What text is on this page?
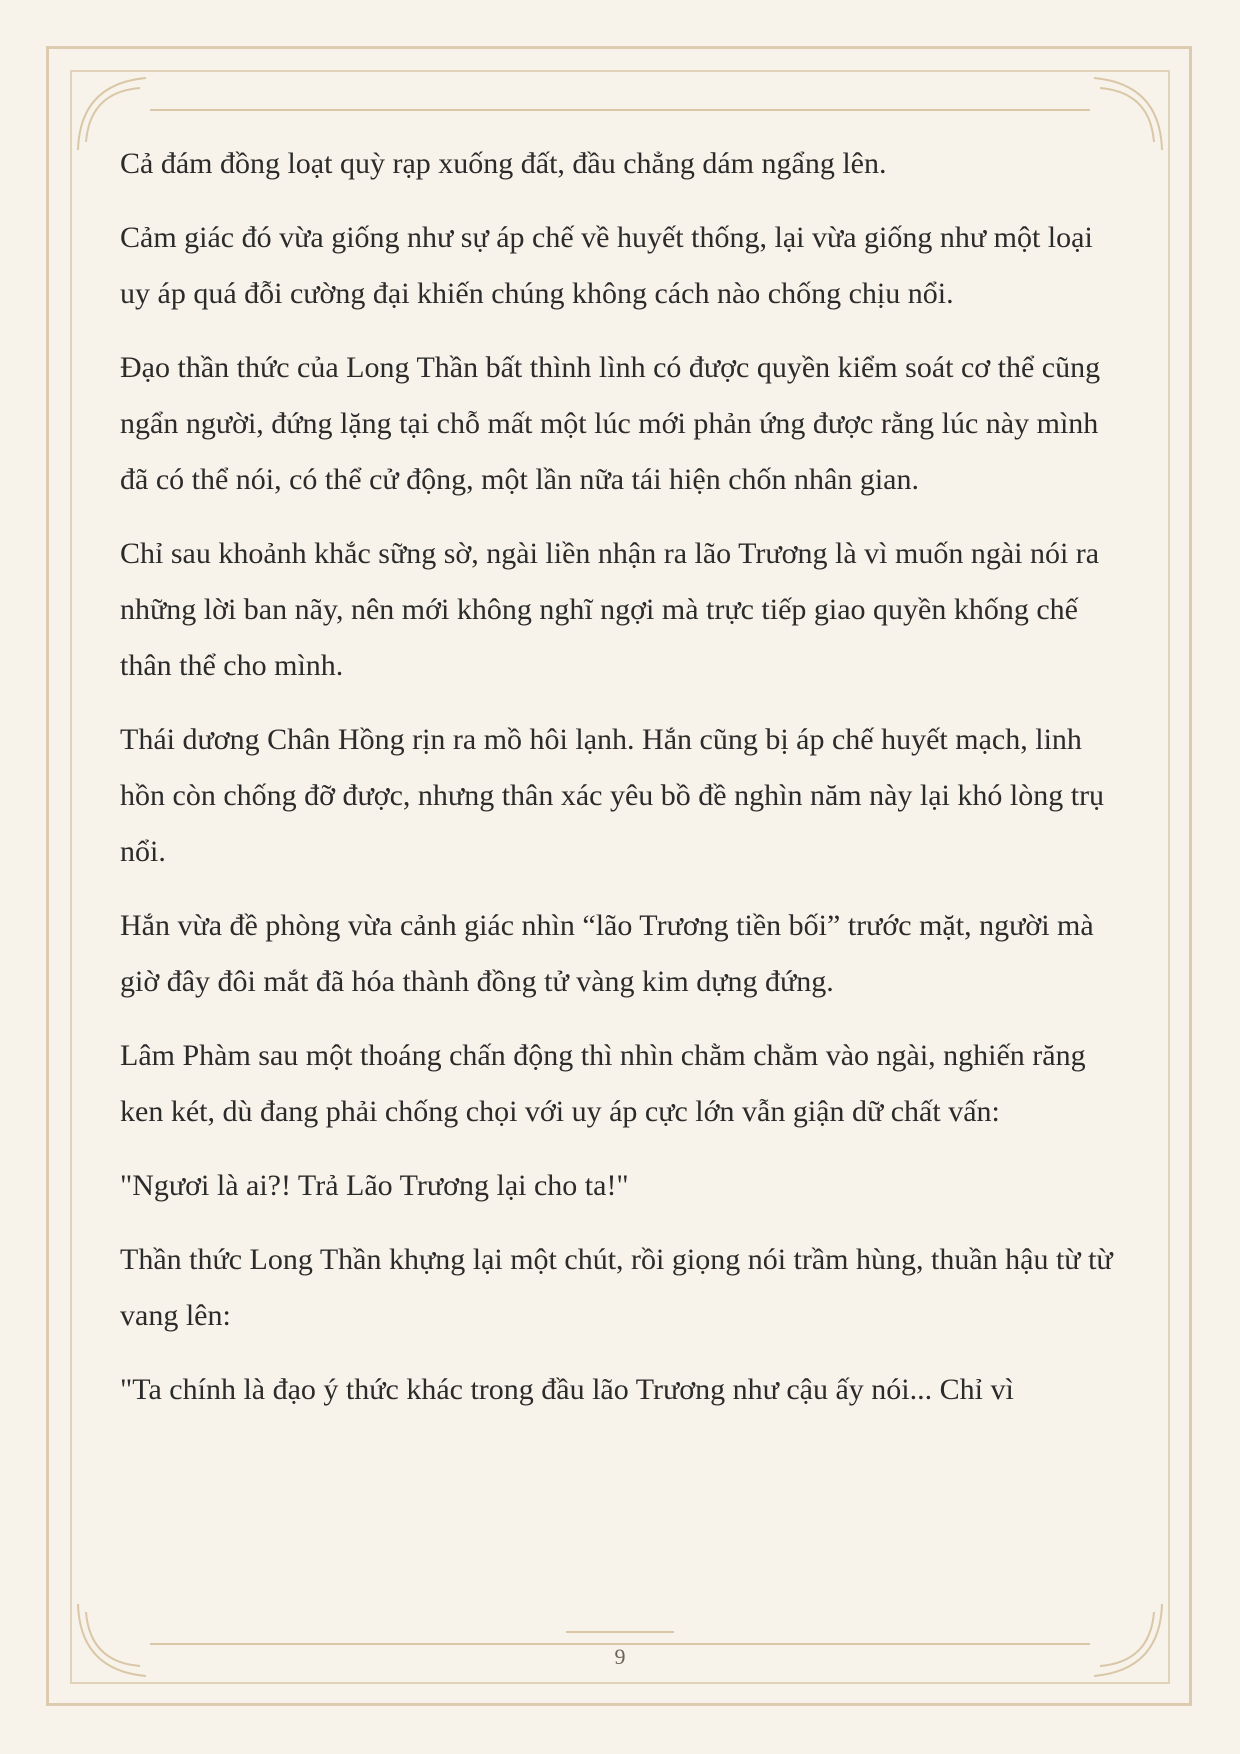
Cả đám đồng loạt quỳ rạp xuống đất, đầu chẳng dám ngẩng lên.

Cảm giác đó vừa giống như sự áp chế về huyết thống, lại vừa giống như một loại uy áp quá đỗi cường đại khiến chúng không cách nào chống chịu nổi.

Đạo thần thức của Long Thần bất thình lình có được quyền kiểm soát cơ thể cũng ngẩn người, đứng lặng tại chỗ mất một lúc mới phản ứng được rằng lúc này mình đã có thể nói, có thể cử động, một lần nữa tái hiện chốn nhân gian.

Chỉ sau khoảnh khắc sững sờ, ngài liền nhận ra lão Trương là vì muốn ngài nói ra những lời ban nãy, nên mới không nghĩ ngợi mà trực tiếp giao quyền khống chế thân thể cho mình.

Thái dương Chân Hồng rịn ra mồ hôi lạnh. Hắn cũng bị áp chế huyết mạch, linh hồn còn chống đỡ được, nhưng thân xác yêu bồ đề nghìn năm này lại khó lòng trụ nổi.

Hắn vừa đề phòng vừa cảnh giác nhìn “lão Trương tiền bối” trước mặt, người mà giờ đây đôi mắt đã hóa thành đồng tử vàng kim dựng đứng.

Lâm Phàm sau một thoáng chấn động thì nhìn chằm chằm vào ngài, nghiến răng ken két, dù đang phải chống chọi với uy áp cực lớn vẫn giận dữ chất vấn:

"Ngươi là ai?! Trả Lão Trương lại cho ta!"

Thần thức Long Thần khựng lại một chút, rồi giọng nói trầm hùng, thuần hậu từ từ vang lên:

"Ta chính là đạo ý thức khác trong đầu lão Trương như cậu ấy nói... Chỉ vì

9
